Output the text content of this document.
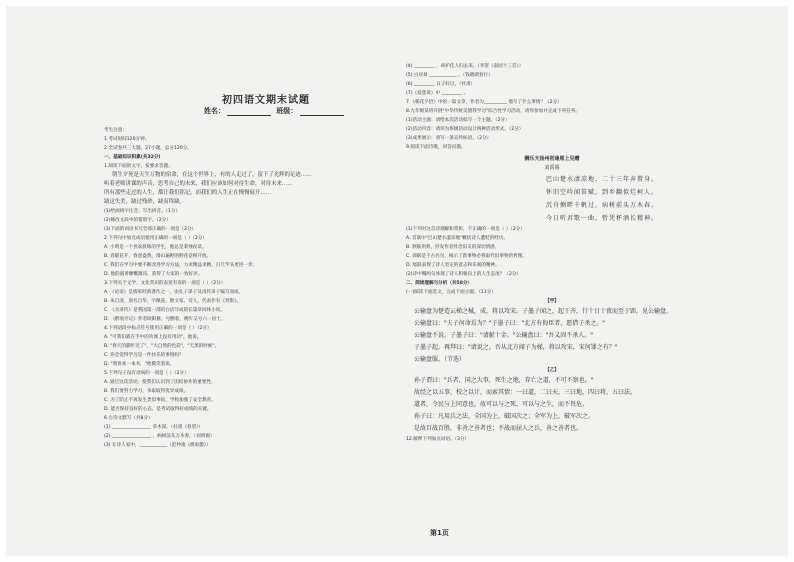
初四语文期末试题
姓名：	班级：
考生注意：
1.考试时间120分钟。
2.全试卷共三大题，27小题，总分120分。
一、基础知识积累(共32分)
1.阅读下面的文字，按要求答题。
朝生夕死是天生万物的宿命，在这个世界上，有的人走过了，留下了光辉的足迹……
听着老师讲课的声音，思考自己的未来，我们应该如何对待生命，对待未来……
所有那些走过的人生，都让我们铭记，而我们的人生正在慢慢展开……
缺这失美，缺过残砂，缺而终缺。
(1)给画线字注音，写出拼音。（1分）
(2)修改文段中的错别字。（2分）
(3)下面的词语书写全部正确的一项是（2分）
2.下列句中加点成语使用正确的一项是（ ）（2分）
A. 小明是一个喜欢晨练的学生，他总是秉烛夜读。
B. 春暖花开，春意盎然，漫山遍野的野花竞相开放。
C. 我们在学习中要不断改进学习方法，力求精益求精，百尺竿头更进一步。
D. 他的演讲慷慨激昂，获得了大家的一致好评。
3.下列关于文学、文化常识的表述有误的一项是（ ）（2分）
A. 《论语》是儒家经典著作之一，由孔子弟子及再传弟子编写而成。
B. 朱自清，原名自华，字佩弦，散文家、诗人，代表作有《背影》。
C. 《水浒传》是我国第一部用白话写成的长篇章回体小说。
D. 《醉翁亭记》作者欧阳修，号醉翁，晚年又号六一居士。
4.下列语段中标点符号使用正确的一项是（ ）（2分）
A. "可我们就在手中的功课上没有用功"，他说。
B. "春天的脚步近了"，"大自然的色彩"，"天黑的时候"。
C. 你会觉得学习是一件快乐的事情吗？
D. "我喜欢一本书，"他微笑着说。
5.下列句子没有语病的一项是（ ）（2分）
A. 通过这次活动，使我们认识到了团结协作的重要性。
B. 我们要努力学习，争取取得优异成绩。
C. 为了防止不再发生类似事故，学校加强了安全教育。
D. 能否保持良好的心态，是考试取得好成绩的关键。
6.古诗文默写（共8分）
(1) _________________ 草木深。（杜甫《春望》）
(2) _________________ ，病树前头万木春。（刘禹锡）
(3) 在诗人家中，____________（范仲淹《渔家傲》）
(4) _________ ，却护佳人归去来。（李贺《南园十三首》）
(5) 白居易 ____________ 。（钱塘湖春行）
(6) _________ 日子好过。（杜甫）
(7)《爱莲说》中 _________ 。
7.《朝花夕拾》中的一篇文章，作者为__________ 他写了什么事情？（2分）
8.九年级某班开展"中华传统美德我学习"综合性学习活动，请你参加并完成下列任务。
(1)活动主题：请给本次活动拟写一个主题。（2分）
(2)活动内容：请你为班级活动设计两种活动形式。（2分）
(3)成果展示：请写一条宣传标语。（2分）
9.阅读下面诗歌，回答问题。
酬乐天扬州初逢席上见赠
刘禹锡
巴山楚水凄凉地，二十三年弃置身。
怀旧空吟闻笛赋，到乡翻似烂柯人。
沉舟侧畔千帆过，病树前头万木春。
今日听君歌一曲，暂凭杯酒长精神。
(1)下列对这首诗理解和赏析，不正确的一项是（ ）（2分）
A. 首联中"巴山楚水凄凉地"概括诗人遭贬的经历。
B. 颔联用典，抒发作者怀念旧友的深切情感。
C. 颈联是千古名句，揭示了新事物必将取代旧事物的哲理。
D. 尾联表现了诗人坚定的意志和乐观的精神。
(2)诗中哪两句体现了诗人积极向上的人生态度？（2分）
二、阅读理解与分析（共58分）
(一)阅读下面选文，完成下面小题。（11分）
【甲】
公输盘为楚造云梯之械，成，将以攻宋。子墨子闻之，起于齐，行十日十夜而至于郢，见公输盘。
公输盘曰："夫子何命焉为？"子墨子曰："北方有侮臣者，愿借子杀之。"
公输盘不说。子墨子曰："请献十金。"公输盘曰："吾义固不杀人。"
子墨子起，再拜曰："请说之。吾从北方闻子为梯，将以攻宋。宋何罪之有？"
公输盘服。（节选）
【乙】
孙子谓曰："兵者，国之大事，死生之地，存亡之道，不可不察也。"
故经之以五事，校之以计，而索其情：一曰道，二曰天，三曰地，四曰将，五曰法。
道者，令民与上同意也，故可以与之死，可以与之生，而不畏危。
孙子曰：凡用兵之法，全国为上，破国次之；全军为上，破军次之。
是故百战百胜，非善之善者也；不战而屈人之兵，善之善者也。
12.解释下列加点词语。（3分）
第1页
